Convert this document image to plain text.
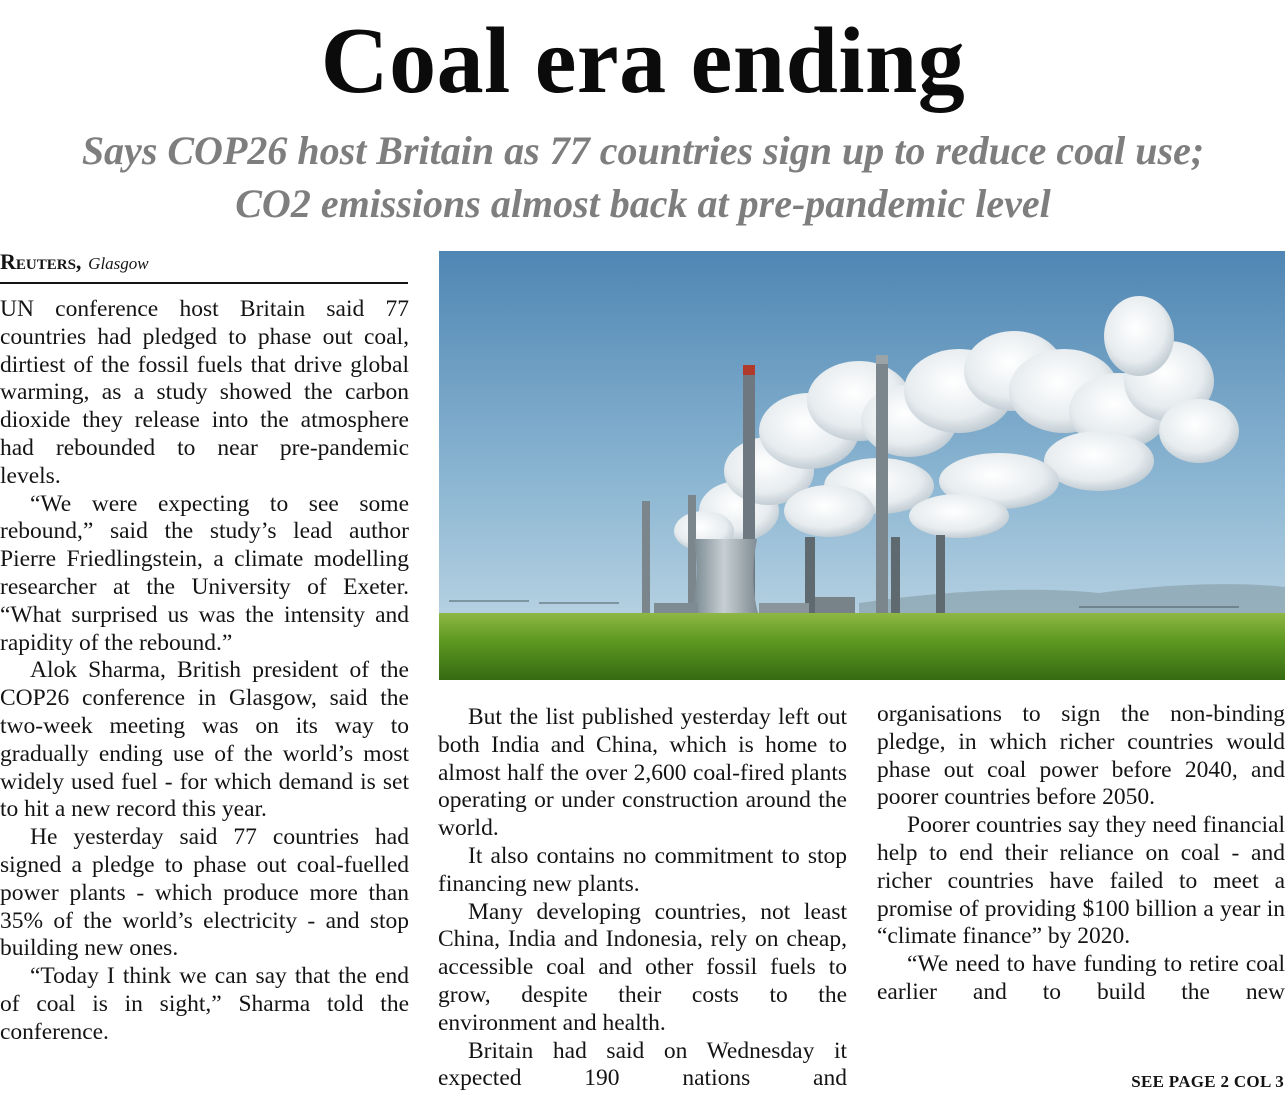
Coal era ending
Says COP26 host Britain as 77 countries sign up to reduce coal use;
CO2 emissions almost back at pre-pandemic level
Reuters, Glasgow

UN conference host Britain said 77 countries had pledged to phase out coal, dirtiest of the fossil fuels that drive global warming, as a study showed the carbon dioxide they release into the atmosphere had rebounded to near pre-pandemic levels.

“We were expecting to see some rebound,” said the study’s lead author Pierre Friedlingstein, a climate modelling researcher at the University of Exeter. “What surprised us was the intensity and rapidity of the rebound.”

Alok Sharma, British president of the COP26 conference in Glasgow, said the two-week meeting was on its way to gradually ending use of the world’s most widely used fuel - for which demand is set to hit a new record this year.

He yesterday said 77 countries had signed a pledge to phase out coal-fuelled power plants - which produce more than 35% of the world’s electricity - and stop building new ones.

“Today I think we can say that the end of coal is in sight,” Sharma told the conference.

But the list published yesterday left out both India and China, which is home to almost half the over 2,600 coal-fired plants operating or under construction around the world.

It also contains no commitment to stop financing new plants.

Many developing countries, not least China, India and Indonesia, rely on cheap, accessible coal and other fossil fuels to grow, despite their costs to the environment and health.

Britain had said on Wednesday it expected 190 nations and

organisations to sign the non-binding pledge, in which richer countries would phase out coal power before 2040, and poorer countries before 2050.

Poorer countries say they need financial help to end their reliance on coal - and richer countries have failed to meet a promise of providing $100 billion a year in “climate finance” by 2020.

“We need to have funding to retire coal earlier and to build the new

SEE PAGE 2 COL 3
